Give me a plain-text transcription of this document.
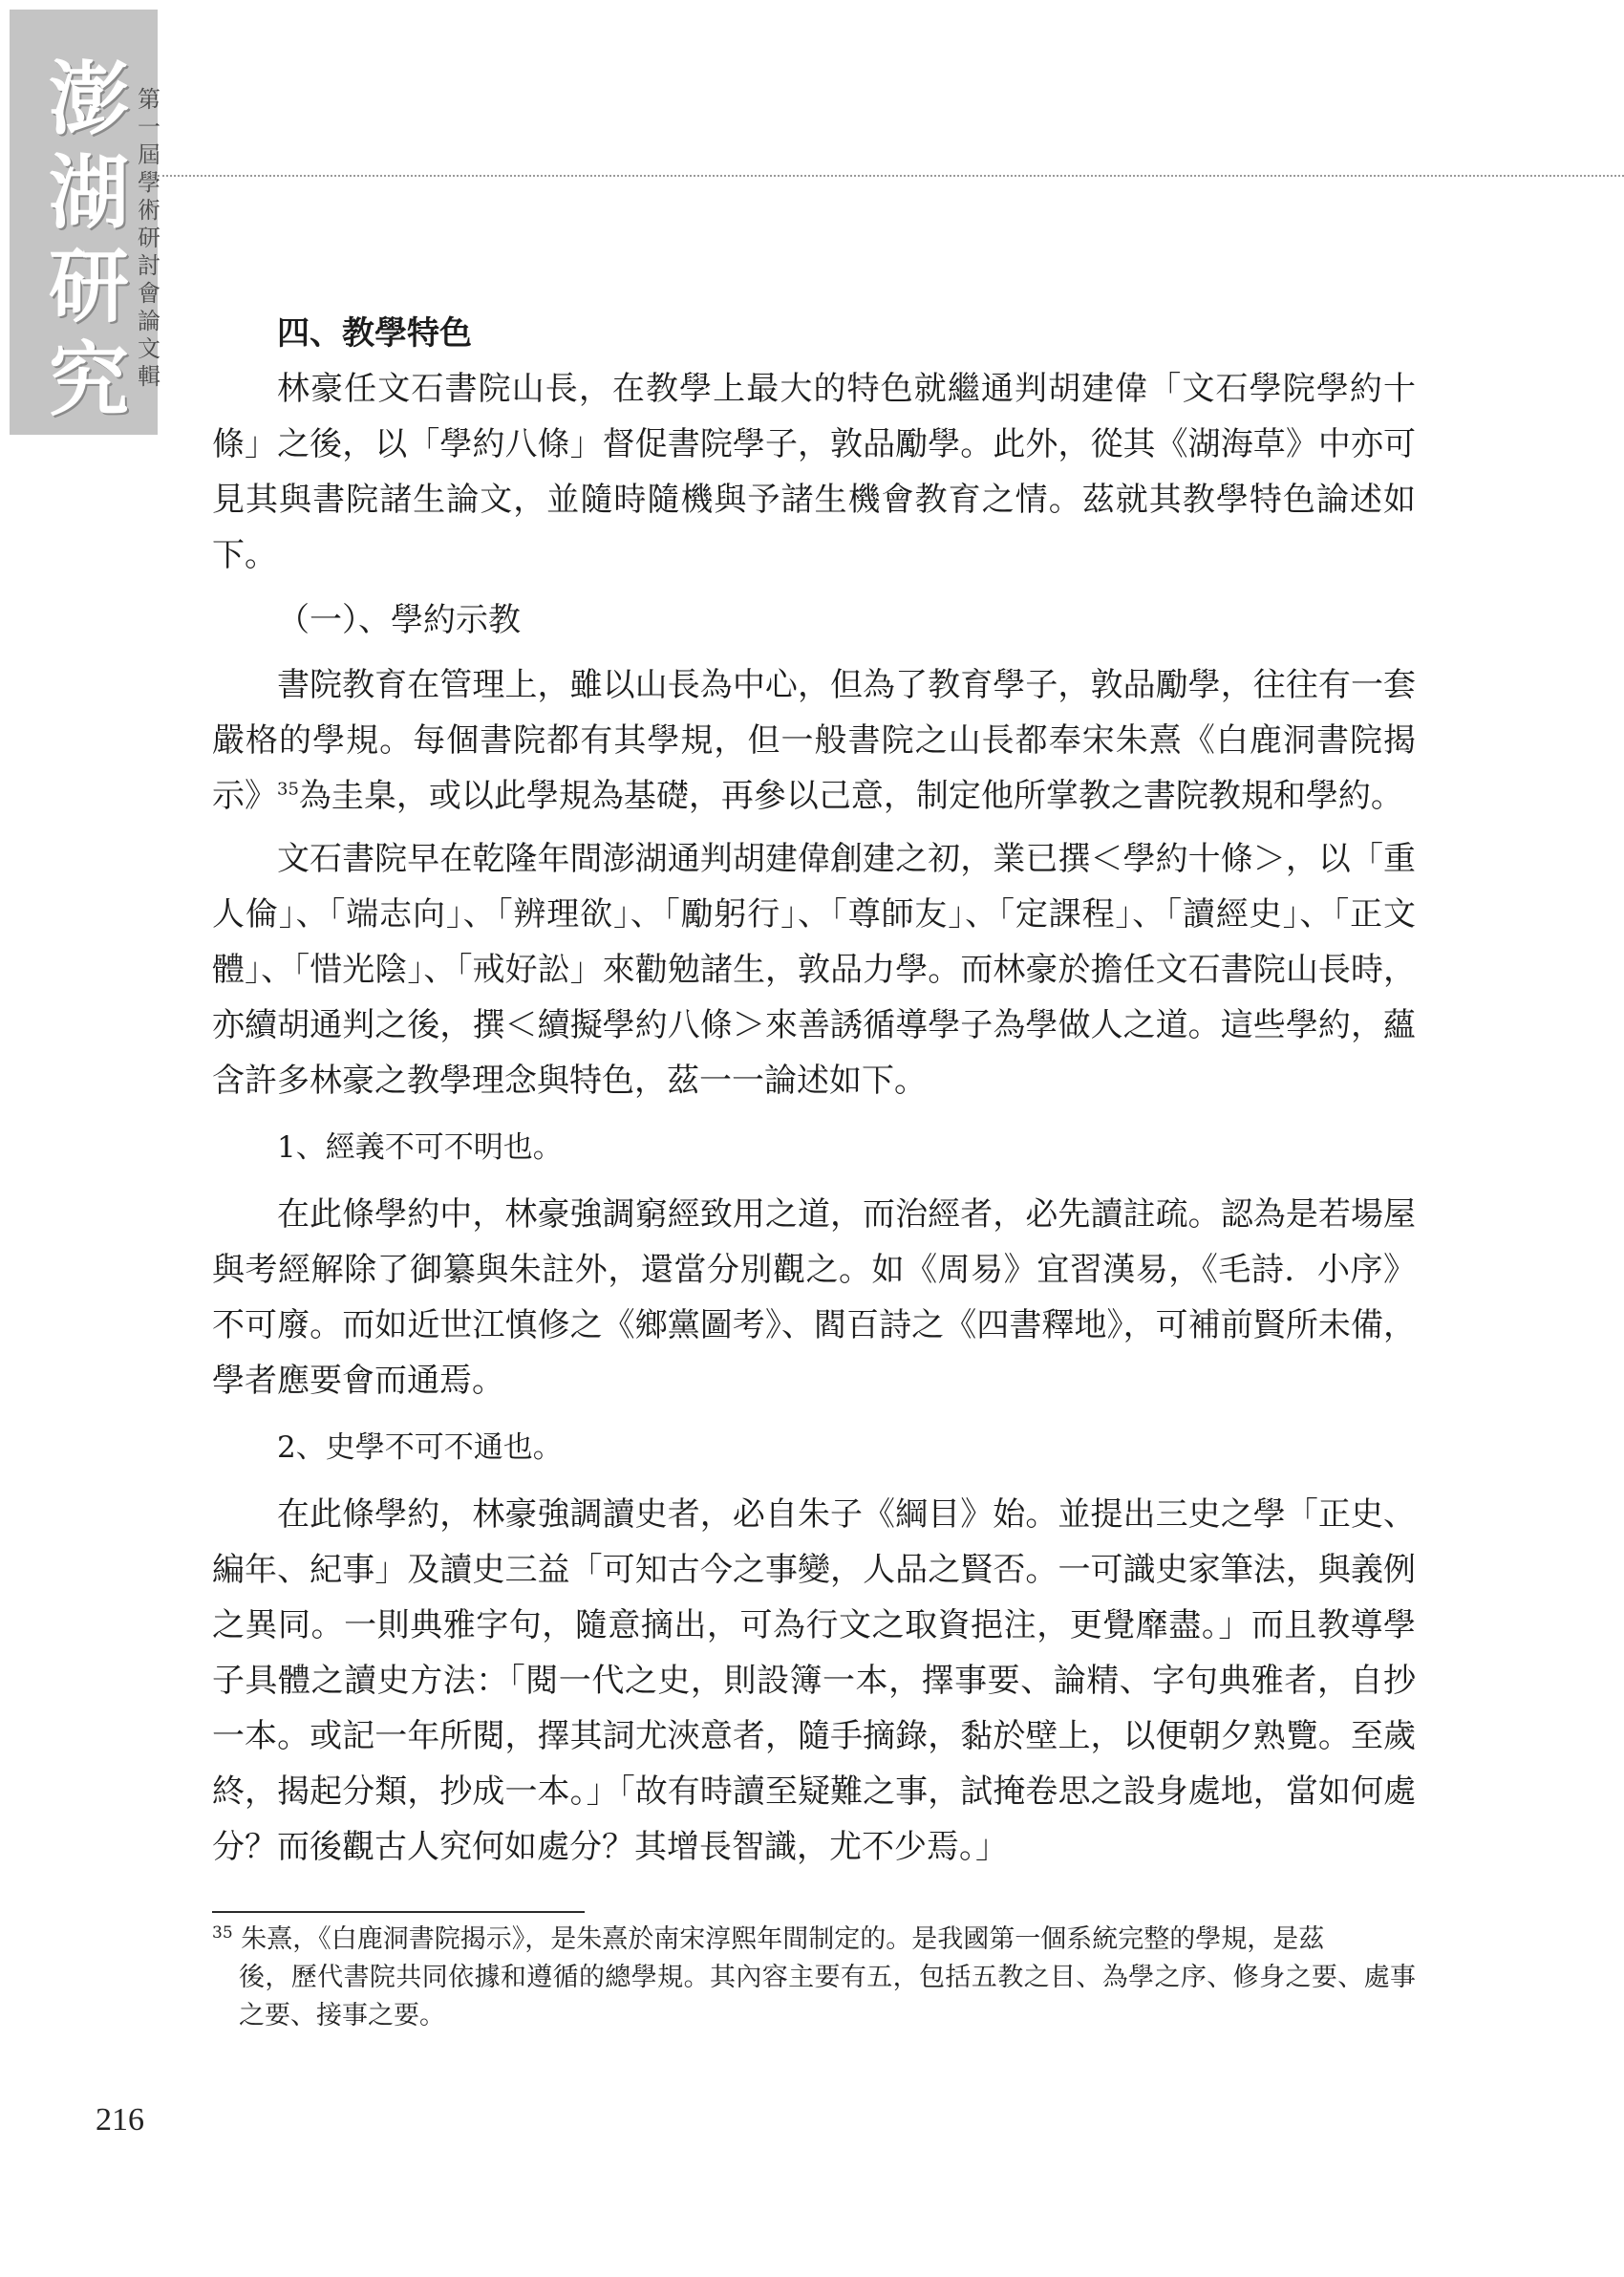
澎
湖
研
究
第
一
屆
學
術
研
討
會
論
文
輯
四、教學特色

林豪任文石書院山長，在教學上最大的特色就繼通判胡建偉「文石學院學約十條」之後，以「學約八條」督促書院學子，敦品勵學。此外，從其《湖海草》中亦可見其與書院諸生論文，並隨時隨機與予諸生機會教育之情。茲就其教學特色論述如下。

（一）、學約示教

書院教育在管理上，雖以山長為中心，但為了教育學子，敦品勵學，往往有一套嚴格的學規。每個書院都有其學規，但一般書院之山長都奉宋朱熹《白鹿洞書院揭示》$^{35}$為圭臬，或以此學規為基礎，再參以己意，制定他所掌教之書院教規和學約。

文石書院早在乾隆年間澎湖通判胡建偉創建之初，業已撰＜學約十條＞，以「重人倫」、「端志向」、「辨理欲」、「勵躬行」、「尊師友」、「定課程」、「讀經史」、「正文體」、「惜光陰」、「戒好訟」來勸勉諸生，敦品力學。而林豪於擔任文石書院山長時，亦續胡通判之後，撰＜續擬學約八條＞來善誘循導學子為學做人之道。這些學約，蘊含許多林豪之教學理念與特色，茲一一論述如下。

1、經義不可不明也。

在此條學約中，林豪強調窮經致用之道，而治經者，必先讀註疏。認為是若場屋與考經解除了御纂與朱註外，還當分別觀之。如《周易》宜習漢易，《毛詩．小序》不可廢。而如近世江慎修之《鄉黨圖考》、閻百詩之《四書釋地》，可補前賢所未備，學者應要會而通焉。

2、史學不可不通也。

在此條學約，林豪強調讀史者，必自朱子《綱目》始。並提出三史之學「正史、編年、紀事」及讀史三益「可知古今之事變，人品之賢否。一可識史家筆法，與義例之異同。一則典雅字句，隨意摘出，可為行文之取資挹注，更覺靡盡。」而且教導學子具體之讀史方法：「閱一代之史，則設簿一本，擇事要、論精、字句典雅者，自抄一本。或記一年所閱，擇其詞尤浹意者，隨手摘錄，黏於壁上，以便朝夕熟覽。至歲終，揭起分類，抄成一本。」「故有時讀至疑難之事，試掩卷思之設身處地，當如何處分？而後觀古人究何如處分？其增長智識，尤不少焉。」

$^{35}$ 朱熹，《白鹿洞書院揭示》，是朱熹於南宋淳熙年間制定的。是我國第一個系統完整的學規，是茲

後，歷代書院共同依據和遵循的總學規。其內容主要有五，包括五教之目、為學之序、修身之要、處事之要、接事之要。

216
